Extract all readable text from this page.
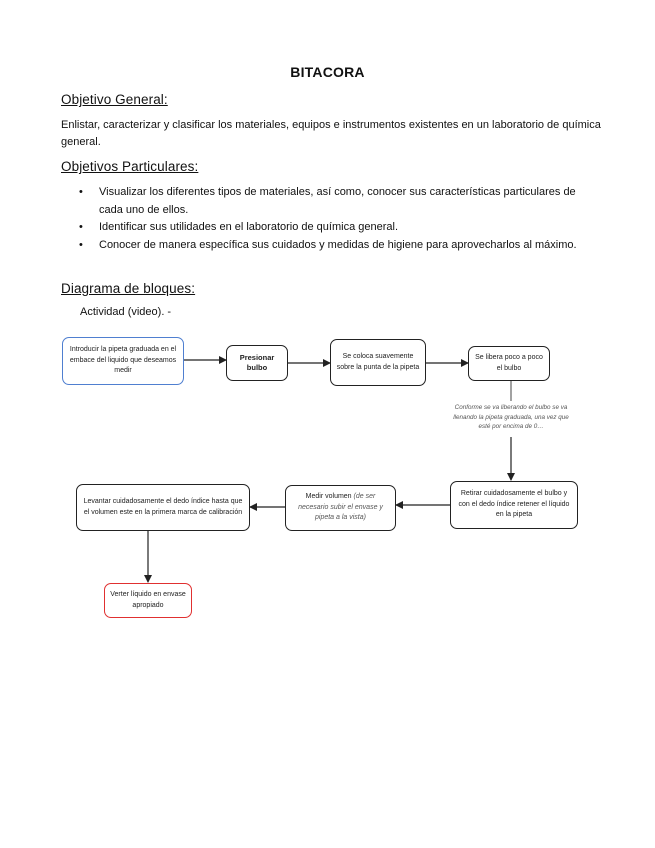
BITACORA
Objetivo General:
Enlistar, caracterizar y clasificar los materiales, equipos e instrumentos existentes en un laboratorio de química general.
Objetivos Particulares:
• Visualizar los diferentes tipos de materiales, así como, conocer sus características particulares de cada uno de ellos.
• Identificar sus utilidades en el laboratorio de química general.
• Conocer de manera específica sus cuidados y medidas de higiene para aprovecharlos al máximo.
Diagrama de bloques:
Actividad (video). -
Introducir la pipeta graduada en el embace del liquido que deseamos medir
Presionar bulbo
Se coloca suavemente sobre la punta de la pipeta
Se libera poco a poco el bulbo
Conforme se va liberando el bulbo se va llenando la pipeta graduada, una vez que esté por encima de 0…
Retirar cuidadosamente el bulbo y con el dedo índice retener el líquido en la pipeta
Medir volumen (de ser necesario subir el envase y pipeta a la vista)
Levantar cuidadosamente el dedo índice hasta que el volumen este en la primera marca de calibración
Verter líquido en envase apropiado
